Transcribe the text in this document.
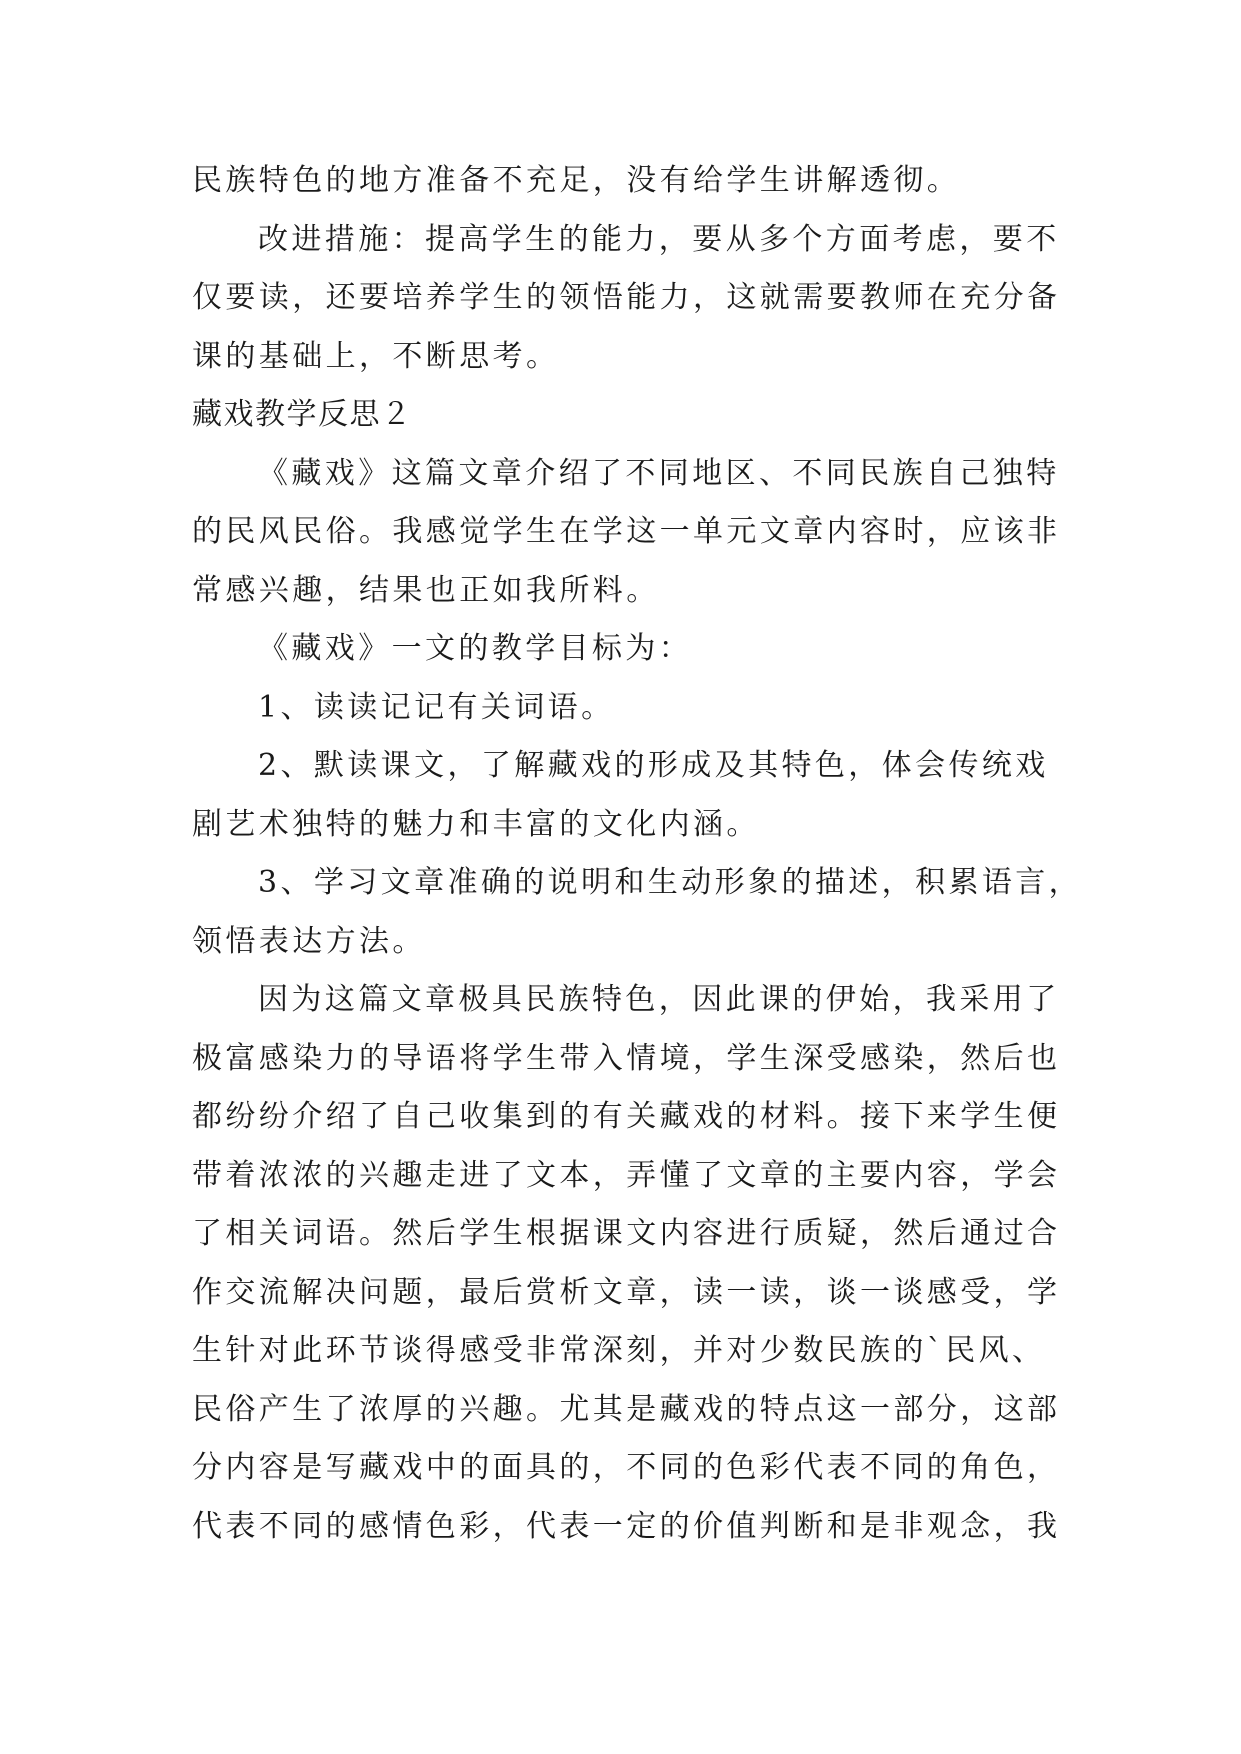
民族特色的地方准备不充足，没有给学生讲解透彻。
改进措施：提高学生的能力，要从多个方面考虑，要不
仅要读，还要培养学生的领悟能力，这就需要教师在充分备
课的基础上，不断思考。
藏戏教学反思２
《藏戏》这篇文章介绍了不同地区、不同民族自己独特
的民风民俗。我感觉学生在学这一单元文章内容时，应该非
常感兴趣，结果也正如我所料。
《藏戏》一文的教学目标为：
1、读读记记有关词语。
2、默读课文，了解藏戏的形成及其特色，体会传统戏
剧艺术独特的魅力和丰富的文化内涵。
3、学习文章准确的说明和生动形象的描述，积累语言，
领悟表达方法。
因为这篇文章极具民族特色，因此课的伊始，我采用了
极富感染力的导语将学生带入情境，学生深受感染，然后也
都纷纷介绍了自己收集到的有关藏戏的材料。接下来学生便
带着浓浓的兴趣走进了文本，弄懂了文章的主要内容，学会
了相关词语。然后学生根据课文内容进行质疑，然后通过合
作交流解决问题，最后赏析文章，读一读，谈一谈感受，学
生针对此环节谈得感受非常深刻，并对少数民族的`民风、
民俗产生了浓厚的兴趣。尤其是藏戏的特点这一部分，这部
分内容是写藏戏中的面具的，不同的色彩代表不同的角色，
代表不同的感情色彩，代表一定的价值判断和是非观念，我
